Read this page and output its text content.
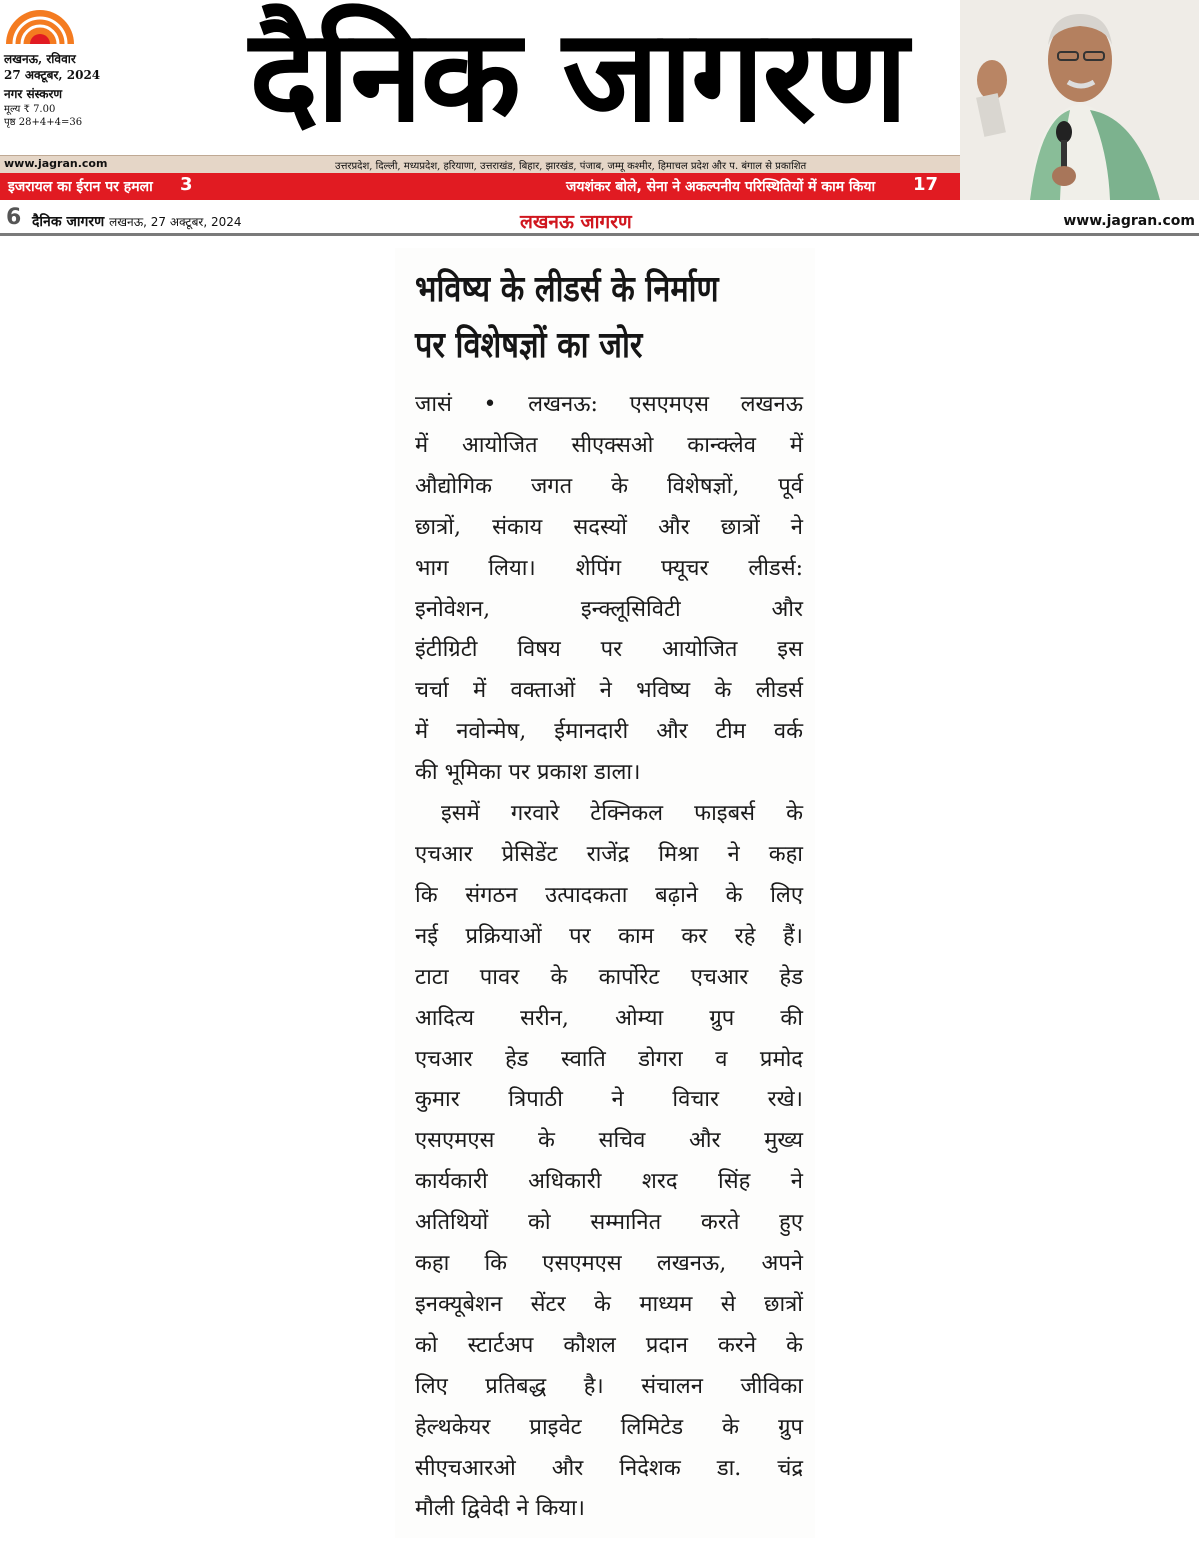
लखनऊ, रविवार
27 अक्टूबर, 2024
नगर संस्करण
मूल्य ₹ 7.00
पृष्ठ 28+4+4=36	दैनिक जागरण
www.jagran.com	उत्तरप्रदेश, दिल्ली, मध्यप्रदेश, हरियाणा, उत्तराखंड, बिहार, झारखंड, पंजाब, जम्मू कश्मीर, हिमाचल प्रदेश और प. बंगाल से प्रकाशित
इजरायल का ईरान पर हमला 3	जयशंकर बोले, सेना ने अकल्पनीय परिस्थितियों में काम किया 17
6 दैनिक जागरण लखनऊ, 27 अक्टूबर, 2024	लखनऊ जागरण	www.jagran.com
भविष्य के लीडर्स के निर्माण
पर विशेषज्ञों का जोर
जासं • लखनऊ: एसएमएस लखनऊ
में आयोजित सीएक्सओ कान्क्लेव में
औद्योगिक जगत के विशेषज्ञों, पूर्व
छात्रों, संकाय सदस्यों और छात्रों ने
भाग लिया। शेपिंग फ्यूचर लीडर्स:
इनोवेशन, इन्क्लूसिविटी और
इंटीग्रिटी विषय पर आयोजित इस
चर्चा में वक्ताओं ने भविष्य के लीडर्स
में नवोन्मेष, ईमानदारी और टीम वर्क
की भूमिका पर प्रकाश डाला।
इसमें गरवारे टेक्निकल फाइबर्स के
एचआर प्रेसिडेंट राजेंद्र मिश्रा ने कहा
कि संगठन उत्पादकता बढ़ाने के लिए
नई प्रक्रियाओं पर काम कर रहे हैं।
टाटा पावर के कार्पोरेट एचआर हेड
आदित्य सरीन, ओम्या ग्रुप की
एचआर हेड स्वाति डोगरा व प्रमोद
कुमार त्रिपाठी ने विचार रखे।
एसएमएस के सचिव और मुख्य
कार्यकारी अधिकारी शरद सिंह ने
अतिथियों को सम्मानित करते हुए
कहा कि एसएमएस लखनऊ, अपने
इनक्यूबेशन सेंटर के माध्यम से छात्रों
को स्टार्टअप कौशल प्रदान करने के
लिए प्रतिबद्ध है। संचालन जीविका
हेल्थकेयर प्राइवेट लिमिटेड के ग्रुप
सीएचआरओ और निदेशक डा. चंद्र
मौली द्विवेदी ने किया।
